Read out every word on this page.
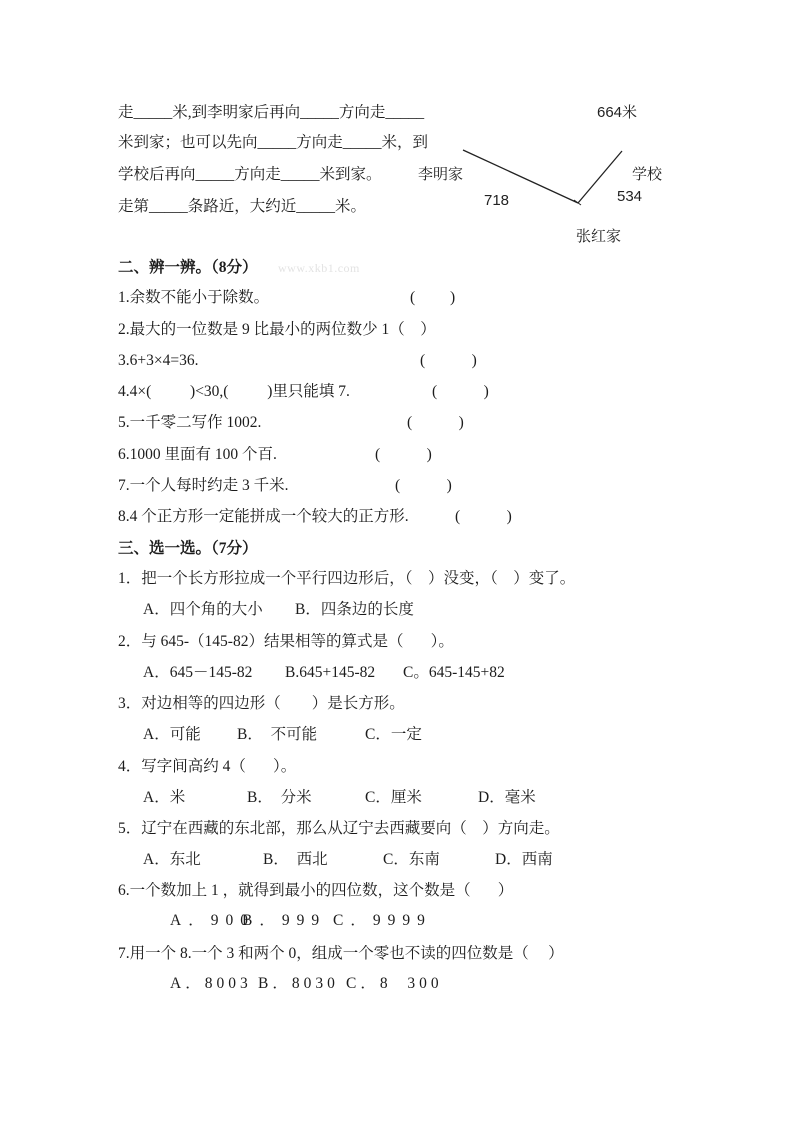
走_____米,到李明家后再向_____方向走_____
米到家；也可以先向_____方向走_____米，到
学校后再向_____方向走_____米到家。
走第_____条路近，大约近_____米。
664米
学校
534
718
张红家
李明家
二、辨一辨。（8分） www.xkb1.com
1.余数不能小于除数。	(         )
2.最大的一位数是 9 比最小的两位数少 1（    ）
3.6+3×4=36.	(            )
4.4×(          )<30,(          )里只能填 7.	(            )
5.一千零二写作 1002.	(            )
6.1000 里面有 100 个百.	(            )
7.一个人每时约走 3 千米.	(            )
8.4 个正方形一定能拼成一个较大的正方形.	(            )
三、选一选。（7分）
1．把一个长方形拉成一个平行四边形后，（    ）没变，（    ）变了。
A．四个角的大小 B．四条边的长度
2．与 645-（145-82）结果相等的算式是（       ）。
A．645－145-82 B.645+145-82 C。645-145+82
3．对边相等的四边形（        ）是长方形。
A．可能 B．  不可能	C．一定
4．写字间高约 4（       ）。
A．米	B．  分米	C．厘米	D．毫米
5．辽宁在西藏的东北部，那么从辽宁去西藏要向（    ）方向走。
A．东北	B．  西北	C．东南	D．西南
6.一个数加上 1 ，就得到最小的四位数，这个数是（       ）
A．900
B．999 C．9999
7.用一个 8.一个 3 和两个 0，组成一个零也不读的四位数是（     ）
A．8003 B．8030 C．8  300
